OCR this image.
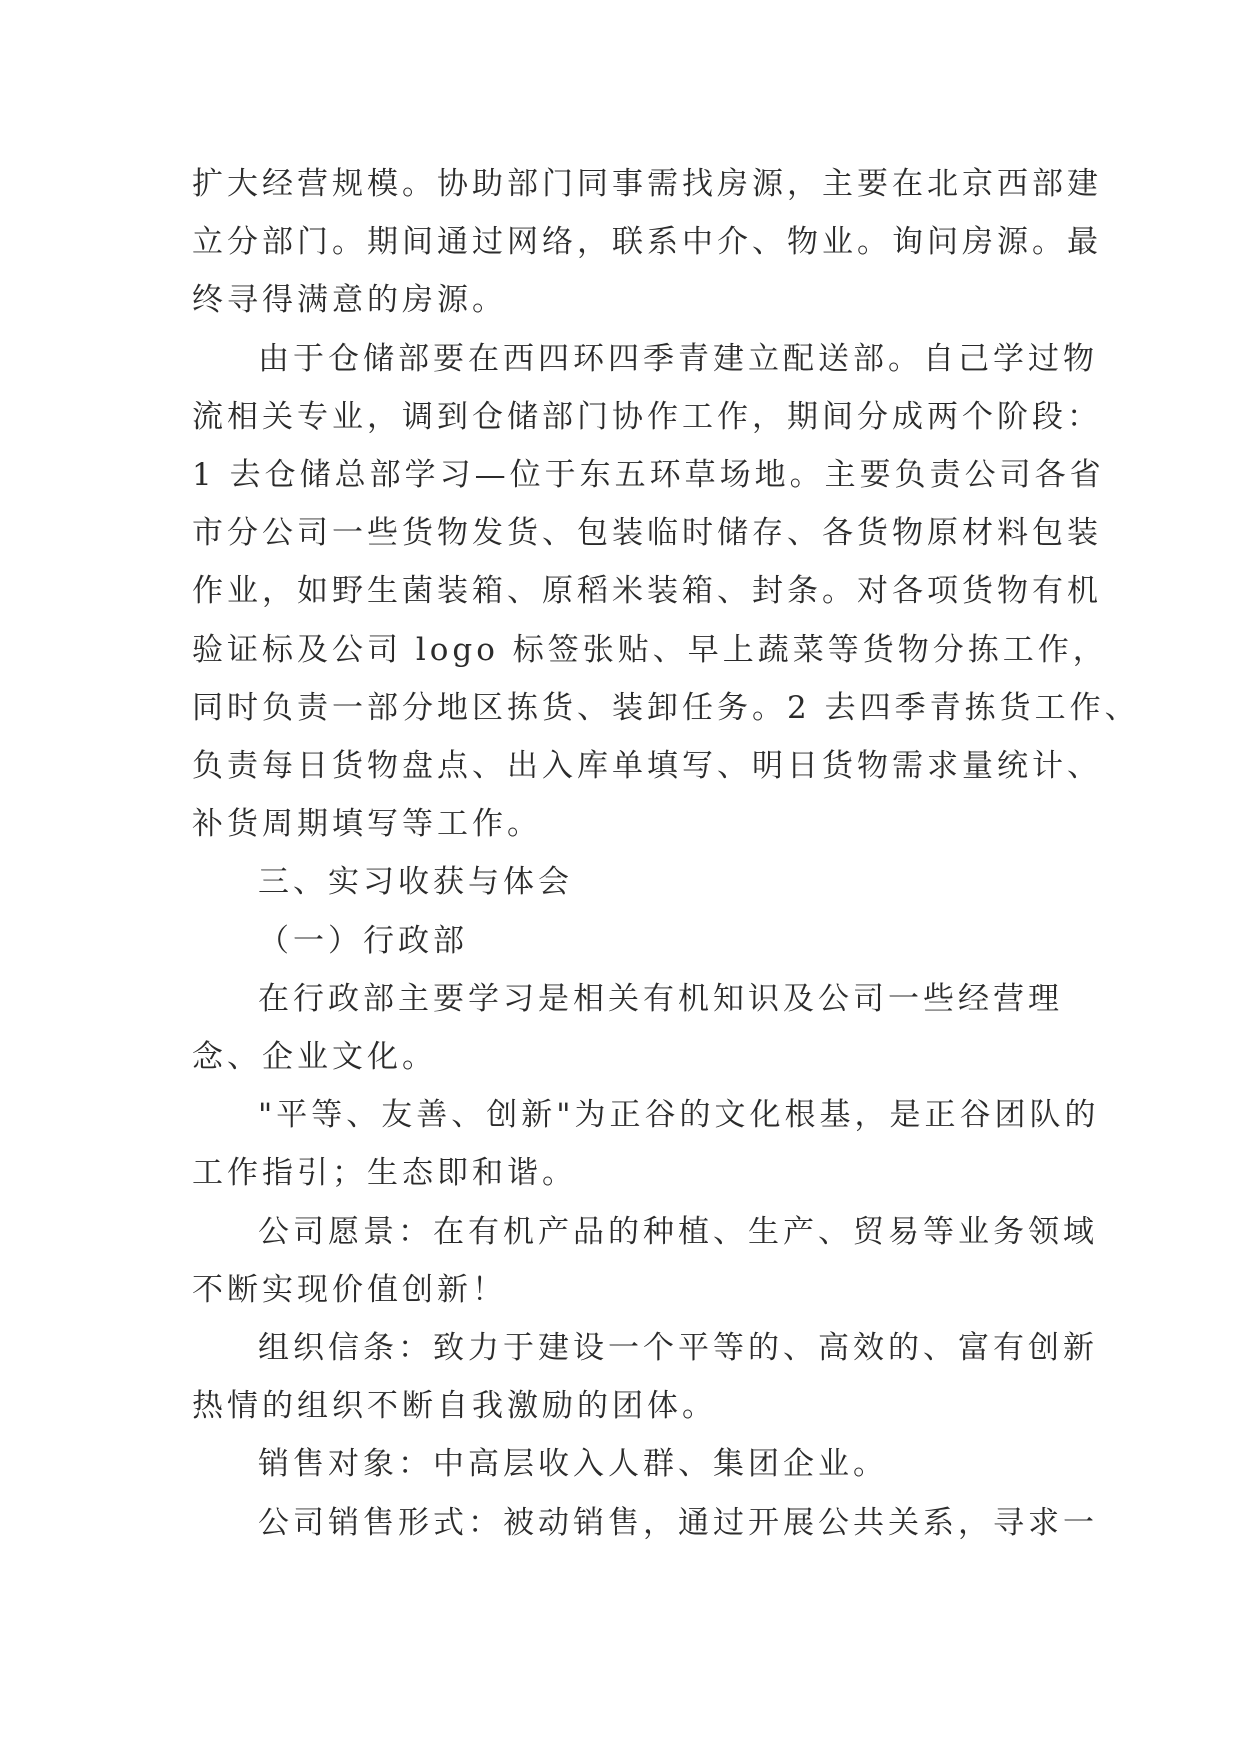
扩大经营规模。协助部门同事需找房源，主要在北京西部建
立分部门。期间通过网络，联系中介、物业。询问房源。最
终寻得满意的房源。
由于仓储部要在西四环四季青建立配送部。自己学过物
流相关专业，调到仓储部门协作工作，期间分成两个阶段：
1 去仓储总部学习—位于东五环草场地。主要负责公司各省
市分公司一些货物发货、包装临时储存、各货物原材料包装
作业，如野生菌装箱、原稻米装箱、封条。对各项货物有机
验证标及公司 logo 标签张贴、早上蔬菜等货物分拣工作，
同时负责一部分地区拣货、装卸任务。2 去四季青拣货工作、
负责每日货物盘点、出入库单填写、明日货物需求量统计、
补货周期填写等工作。
三、实习收获与体会
（一）行政部
在行政部主要学习是相关有机知识及公司一些经营理
念、企业文化。
"平等、友善、创新"为正谷的文化根基，是正谷团队的
工作指引；生态即和谐。
公司愿景：在有机产品的种植、生产、贸易等业务领域
不断实现价值创新！
组织信条：致力于建设一个平等的、高效的、富有创新
热情的组织不断自我激励的团体。
销售对象：中高层收入人群、集团企业。
公司销售形式：被动销售，通过开展公共关系，寻求一
